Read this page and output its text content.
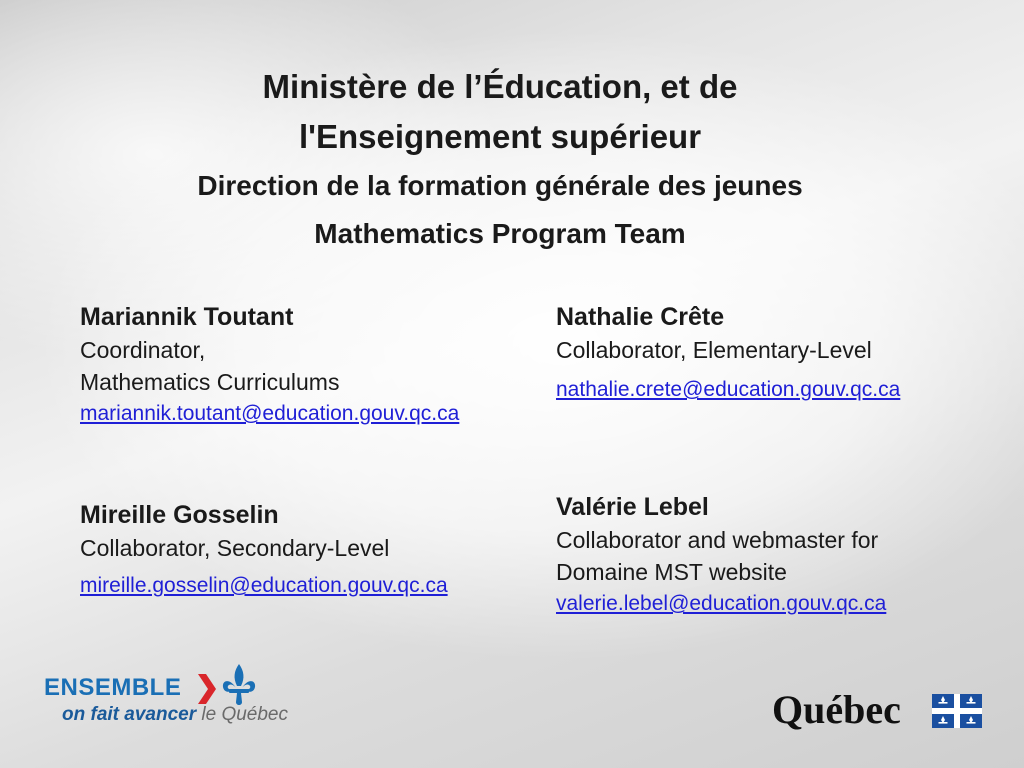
Ministère de l’Éducation, et de
l'Enseignement supérieur
Direction de la formation générale des jeunes
Mathematics Program Team
Mariannik Toutant
Coordinator,
Mathematics Curriculums
mariannik.toutant@education.gouv.qc.ca
Nathalie Crête
Collaborator, Elementary-Level
nathalie.crete@education.gouv.qc.ca
Mireille Gosselin
Collaborator, Secondary-Level
mireille.gosselin@education.gouv.qc.ca
Valérie Lebel
Collaborator and webmaster for
Domaine MST website
valerie.lebel@education.gouv.qc.ca
ENSEMBLE
on fait avancer le Québec	Québec
